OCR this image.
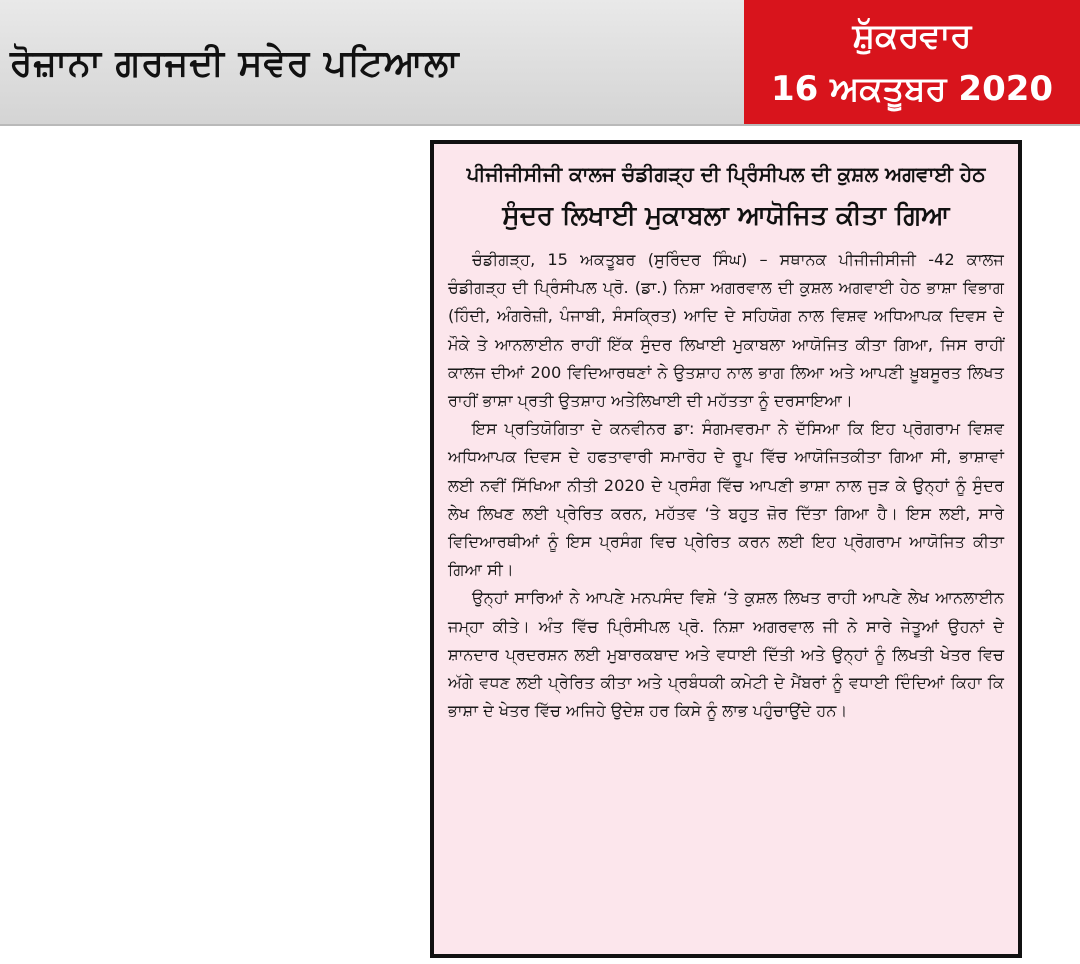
ਰੋਜ਼ਾਨਾ ਗਰਜਦੀ ਸਵੇਰ ਪਟਿਆਲਾ
ਸ਼ੁੱਕਰਵਾਰ
16 ਅਕਤੂਬਰ 2020
ਪੀਜੀਜੀਸੀਜੀ ਕਾਲਜ ਚੰਡੀਗੜ੍ਹ ਦੀ ਪ੍ਰਿੰਸੀਪਲ ਦੀ ਕੁਸ਼ਲ ਅਗਵਾਈ ਹੇਠ
ਸੁੰਦਰ ਲਿਖਾਈ ਮੁਕਾਬਲਾ ਆਯੋਜਿਤ ਕੀਤਾ ਗਿਆ

ਚੰਡੀਗੜ੍ਹ, 15 ਅਕਤੂਬਰ (ਸੁਰਿੰਦਰ ਸਿੰਘ) – ਸਥਾਨਕ ਪੀਜੀਜੀਸੀਜੀ -42 ਕਾਲਜ ਚੰਡੀਗੜ੍ਹ ਦੀ ਪ੍ਰਿੰਸੀਪਲ ਪ੍ਰੋ. (ਡਾ.) ਨਿਸ਼ਾ ਅਗਰਵਾਲ ਦੀ ਕੁਸ਼ਲ ਅਗਵਾਈ ਹੇਠ ਭਾਸ਼ਾ ਵਿਭਾਗ (ਹਿੰਦੀ, ਅੰਗਰੇਜ਼ੀ, ਪੰਜਾਬੀ, ਸੰਸਕ੍ਰਿਤ) ਆਦਿ ਦੇ ਸਹਿਯੋਗ ਨਾਲ ਵਿਸ਼ਵ ਅਧਿਆਪਕ ਦਿਵਸ ਦੇ ਮੌਕੇ ਤੇ ਆਨਲਾਈਨ ਰਾਹੀਂ ਇੱਕ ਸੁੰਦਰ ਲਿਖਾਈ ਮੁਕਾਬਲਾ ਆਯੋਜਿਤ ਕੀਤਾ ਗਿਆ, ਜਿਸ ਰਾਹੀਂ ਕਾਲਜ ਦੀਆਂ 200 ਵਿਦਿਆਰਥਣਾਂ ਨੇ ਉਤਸ਼ਾਹ ਨਾਲ ਭਾਗ ਲਿਆ ਅਤੇ ਆਪਣੀ ਖ਼ੂਬਸੂਰਤ ਲਿਖਤ ਰਾਹੀਂ ਭਾਸ਼ਾ ਪ੍ਰਤੀ ਉਤਸ਼ਾਹ ਅਤੇਲਿਖਾਈ ਦੀ ਮਹੱਤਤਾ ਨੂੰ ਦਰਸਾਇਆ।

ਇਸ ਪ੍ਰਤਿਯੋਗਿਤਾ ਦੇ ਕਨਵੀਨਰ ਡਾ: ਸੰਗਮਵਰਮਾ ਨੇ ਦੱਸਿਆ ਕਿ ਇਹ ਪ੍ਰੋਗਰਾਮ ਵਿਸ਼ਵ ਅਧਿਆਪਕ ਦਿਵਸ ਦੇ ਹਫਤਾਵਾਰੀ ਸਮਾਰੋਹ ਦੇ ਰੂਪ ਵਿੱਚ ਆਯੋਜਿਤਕੀਤਾ ਗਿਆ ਸੀ, ਭਾਸ਼ਾਵਾਂ ਲਈ ਨਵੀਂ ਸਿੱਖਿਆ ਨੀਤੀ 2020 ਦੇ ਪ੍ਰਸੰਗ ਵਿੱਚ ਆਪਣੀ ਭਾਸ਼ਾ ਨਾਲ ਜੁੜ ਕੇ ਉਨ੍ਹਾਂ ਨੂੰ ਸੁੰਦਰ ਲੇਖ ਲਿਖਣ ਲਈ ਪ੍ਰੇਰਿਤ ਕਰਨ, ਮਹੱਤਵ ‘ਤੇ ਬਹੁਤ ਜ਼ੋਰ ਦਿੱਤਾ ਗਿਆ ਹੈ। ਇਸ ਲਈ, ਸਾਰੇ ਵਿਦਿਆਰਥੀਆਂ ਨੂੰ ਇਸ ਪ੍ਰਸੰਗ ਵਿਚ ਪ੍ਰੇਰਿਤ ਕਰਨ ਲਈ ਇਹ ਪ੍ਰੋਗਰਾਮ ਆਯੋਜਿਤ ਕੀਤਾ ਗਿਆ ਸੀ।

ਉਨ੍ਹਾਂ ਸਾਰਿਆਂ ਨੇ ਆਪਣੇ ਮਨਪਸੰਦ ਵਿਸ਼ੇ ‘ਤੇ ਕੁਸ਼ਲ ਲਿਖਤ ਰਾਹੀ ਆਪਣੇ ਲੇਖ ਆਨਲਾਈਨ ਜਮ੍ਹਾ ਕੀਤੇ। ਅੰਤ ਵਿੱਚ ਪ੍ਰਿੰਸੀਪਲ ਪ੍ਰੋ. ਨਿਸ਼ਾ ਅਗਰਵਾਲ ਜੀ ਨੇ ਸਾਰੇ ਜੇਤੂਆਂ ਉਹਨਾਂ ਦੇ ਸ਼ਾਨਦਾਰ ਪ੍ਰਦਰਸ਼ਨ ਲਈ ਮੁਬਾਰਕਬਾਦ ਅਤੇ ਵਧਾਈ ਦਿੱਤੀ ਅਤੇ ਉਨ੍ਹਾਂ ਨੂੰ ਲਿਖਤੀ ਖੇਤਰ ਵਿਚ ਅੱਗੇ ਵਧਣ ਲਈ ਪ੍ਰੇਰਿਤ ਕੀਤਾ ਅਤੇ ਪ੍ਰਬੰਧਕੀ ਕਮੇਟੀ ਦੇ ਮੈਂਬਰਾਂ ਨੂੰ ਵਧਾਈ ਦਿੰਦਿਆਂ ਕਿਹਾ ਕਿ ਭਾਸ਼ਾ ਦੇ ਖੇਤਰ ਵਿੱਚ ਅਜਿਹੇ ਉਦੇਸ਼ ਹਰ ਕਿਸੇ ਨੂੰ ਲਾਭ ਪਹੁੰਚਾਉਂਦੇ ਹਨ।
